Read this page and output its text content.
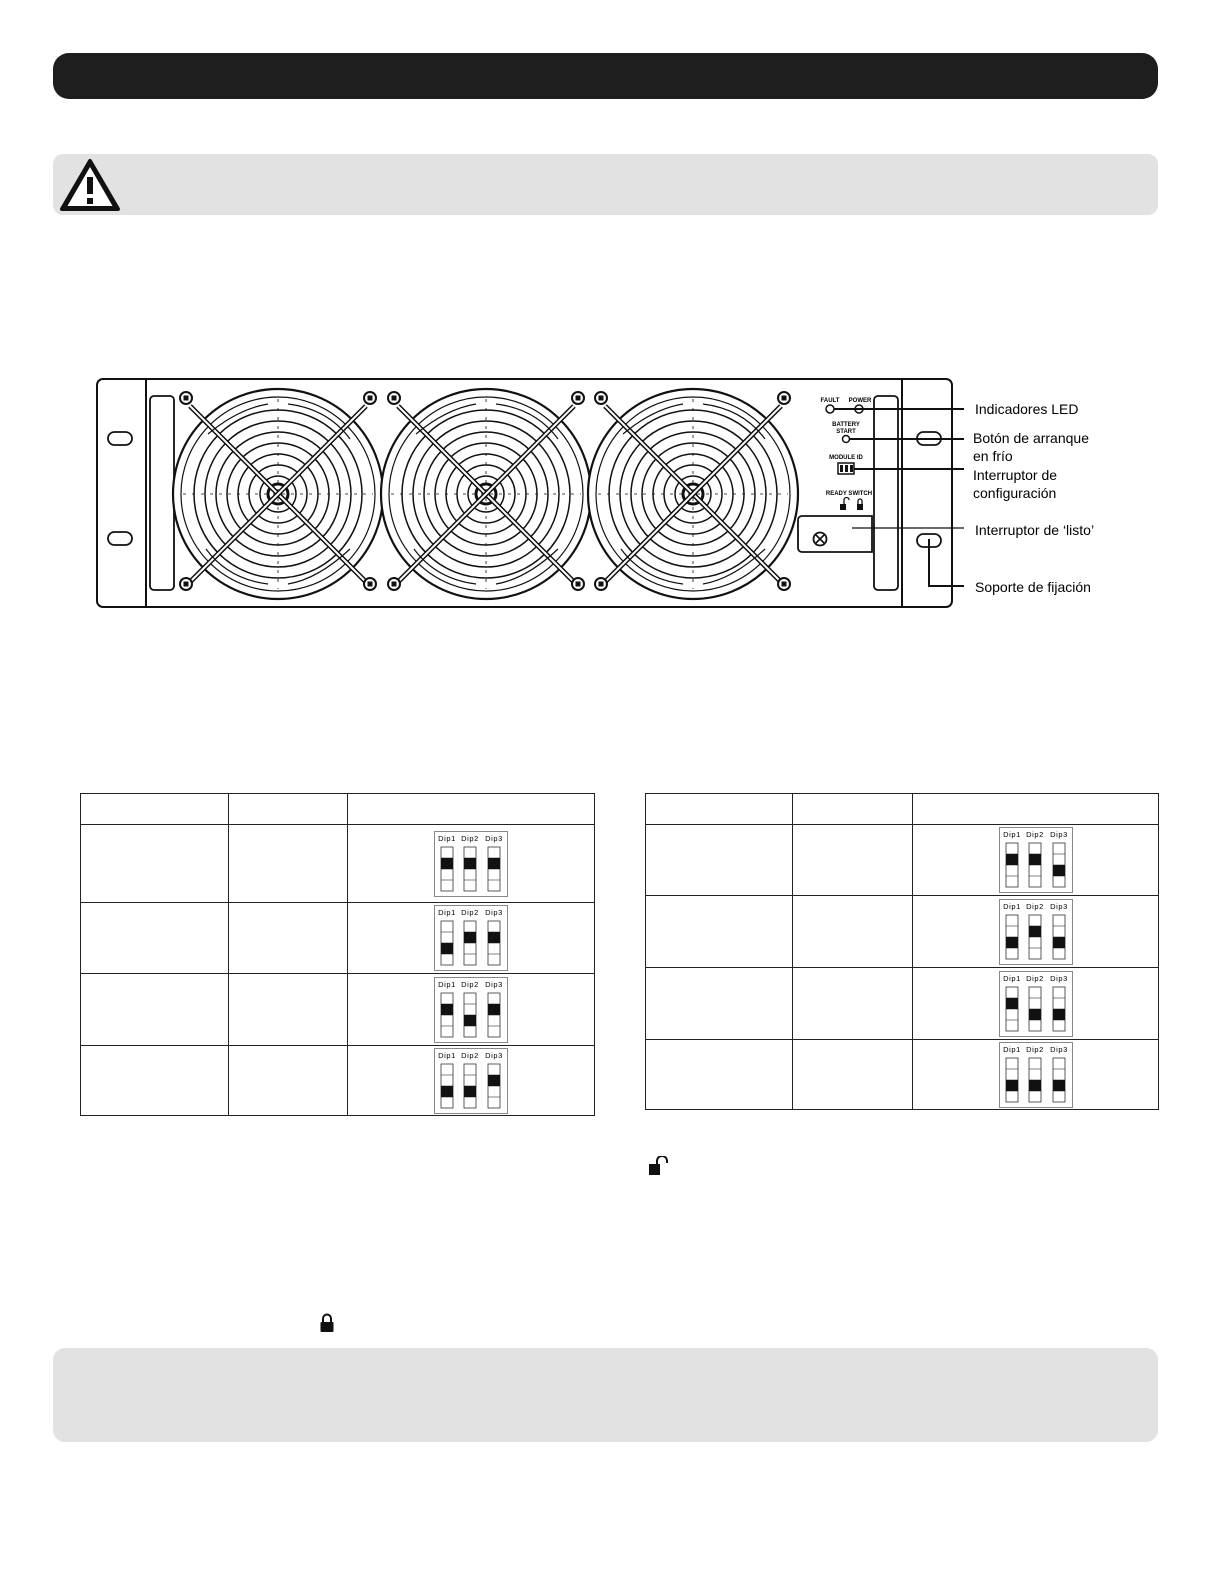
FAULT POWER
BATTERY
START
MODULE ID
READY SWITCH
Indicadores LED
Botón de arranque
en frío
Interruptor de
configuración
Interruptor de ‘listo’
Soporte de fijación

Dip1 Dip2 Dip3

Dip1 Dip2 Dip3

Dip1 Dip2 Dip3

Dip1 Dip2 Dip3

Dip1 Dip2 Dip3

Dip1 Dip2 Dip3

Dip1 Dip2 Dip3

Dip1 Dip2 Dip3
